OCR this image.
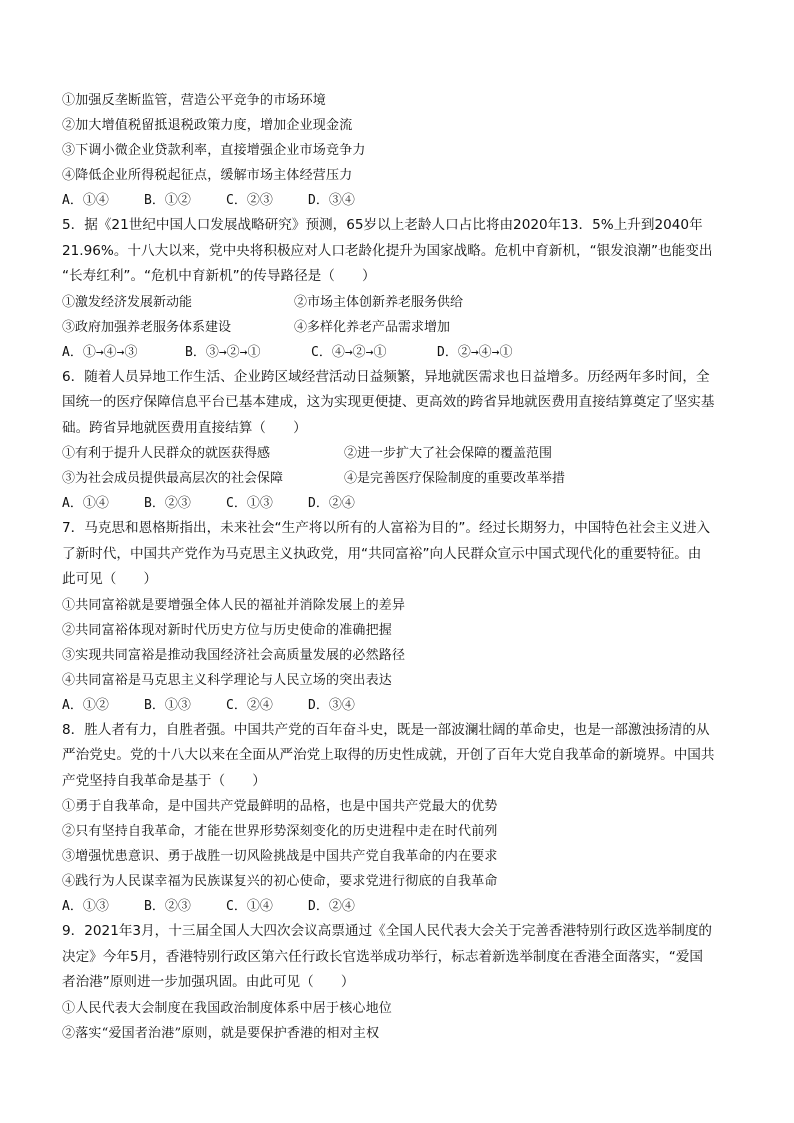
①加强反垄断监管，营造公平竞争的市场环境
②加大增值税留抵退税政策力度，增加企业现金流
③下调小微企业贷款利率，直接增强企业市场竞争力
④降低企业所得税起征点，缓解市场主体经营压力
A．①④	B．①②	C．②③	D．③④
5．据《21世纪中国人口发展战略研究》预测，65岁以上老龄人口占比将由2020年13．5%上升到2040年
21.96%。十八大以来，党中央将积极应对人口老龄化提升为国家战略。危机中育新机，“银发浪潮”也能变出
“长寿红利”。“危机中育新机”的传导路径是（　　）
①激发经济发展新动能	②市场主体创新养老服务供给
③政府加强养老服务体系建设	④多样化养老产品需求增加
A．①→④→③	B．③→②→①	C．④→②→①	D．②→④→①
6．随着人员异地工作生活、企业跨区域经营活动日益频繁，异地就医需求也日益增多。历经两年多时间，全
国统一的医疗保障信息平台已基本建成，这为实现更便捷、更高效的跨省异地就医费用直接结算奠定了坚实基
础。跨省异地就医费用直接结算（　　）
①有利于提升人民群众的就医获得感	②进一步扩大了社会保障的覆盖范围
③为社会成员提供最高层次的社会保障	④是完善医疗保险制度的重要改革举措
A．①④	B．②③	C．①③	D．②④
7．马克思和恩格斯指出，未来社会“生产将以所有的人富裕为目的”。经过长期努力，中国特色社会主义进入
了新时代，中国共产党作为马克思主义执政党，用“共同富裕”向人民群众宣示中国式现代化的重要特征。由
此可见（　　）
①共同富裕就是要增强全体人民的福祉并消除发展上的差异
②共同富裕体现对新时代历史方位与历史使命的准确把握
③实现共同富裕是推动我国经济社会高质量发展的必然路径
④共同富裕是马克思主义科学理论与人民立场的突出表达
A．①②	B．①③	C．②④	D．③④
8．胜人者有力，自胜者强。中国共产党的百年奋斗史，既是一部波澜壮阔的革命史，也是一部激浊扬清的从
严治党史。党的十八大以来在全面从严治党上取得的历史性成就，开创了百年大党自我革命的新境界。中国共
产党坚持自我革命是基于（　　）
①勇于自我革命，是中国共产党最鲜明的品格，也是中国共产党最大的优势
②只有坚持自我革命，才能在世界形势深刻变化的历史进程中走在时代前列
③增强忧患意识、勇于战胜一切风险挑战是中国共产党自我革命的内在要求
④践行为人民谋幸福为民族谋复兴的初心使命，要求党进行彻底的自我革命
A．①③	B．②③	C．①④	D．②④
9．2021年3月，十三届全国人大四次会议高票通过《全国人民代表大会关于完善香港特别行政区选举制度的
决定》今年5月，香港特别行政区第六任行政长官选举成功举行，标志着新选举制度在香港全面落实，“爱国
者治港”原则进一步加强巩固。由此可见（　　）
①人民代表大会制度在我国政治制度体系中居于核心地位
②落实“爱国者治港”原则，就是要保护香港的相对主权
